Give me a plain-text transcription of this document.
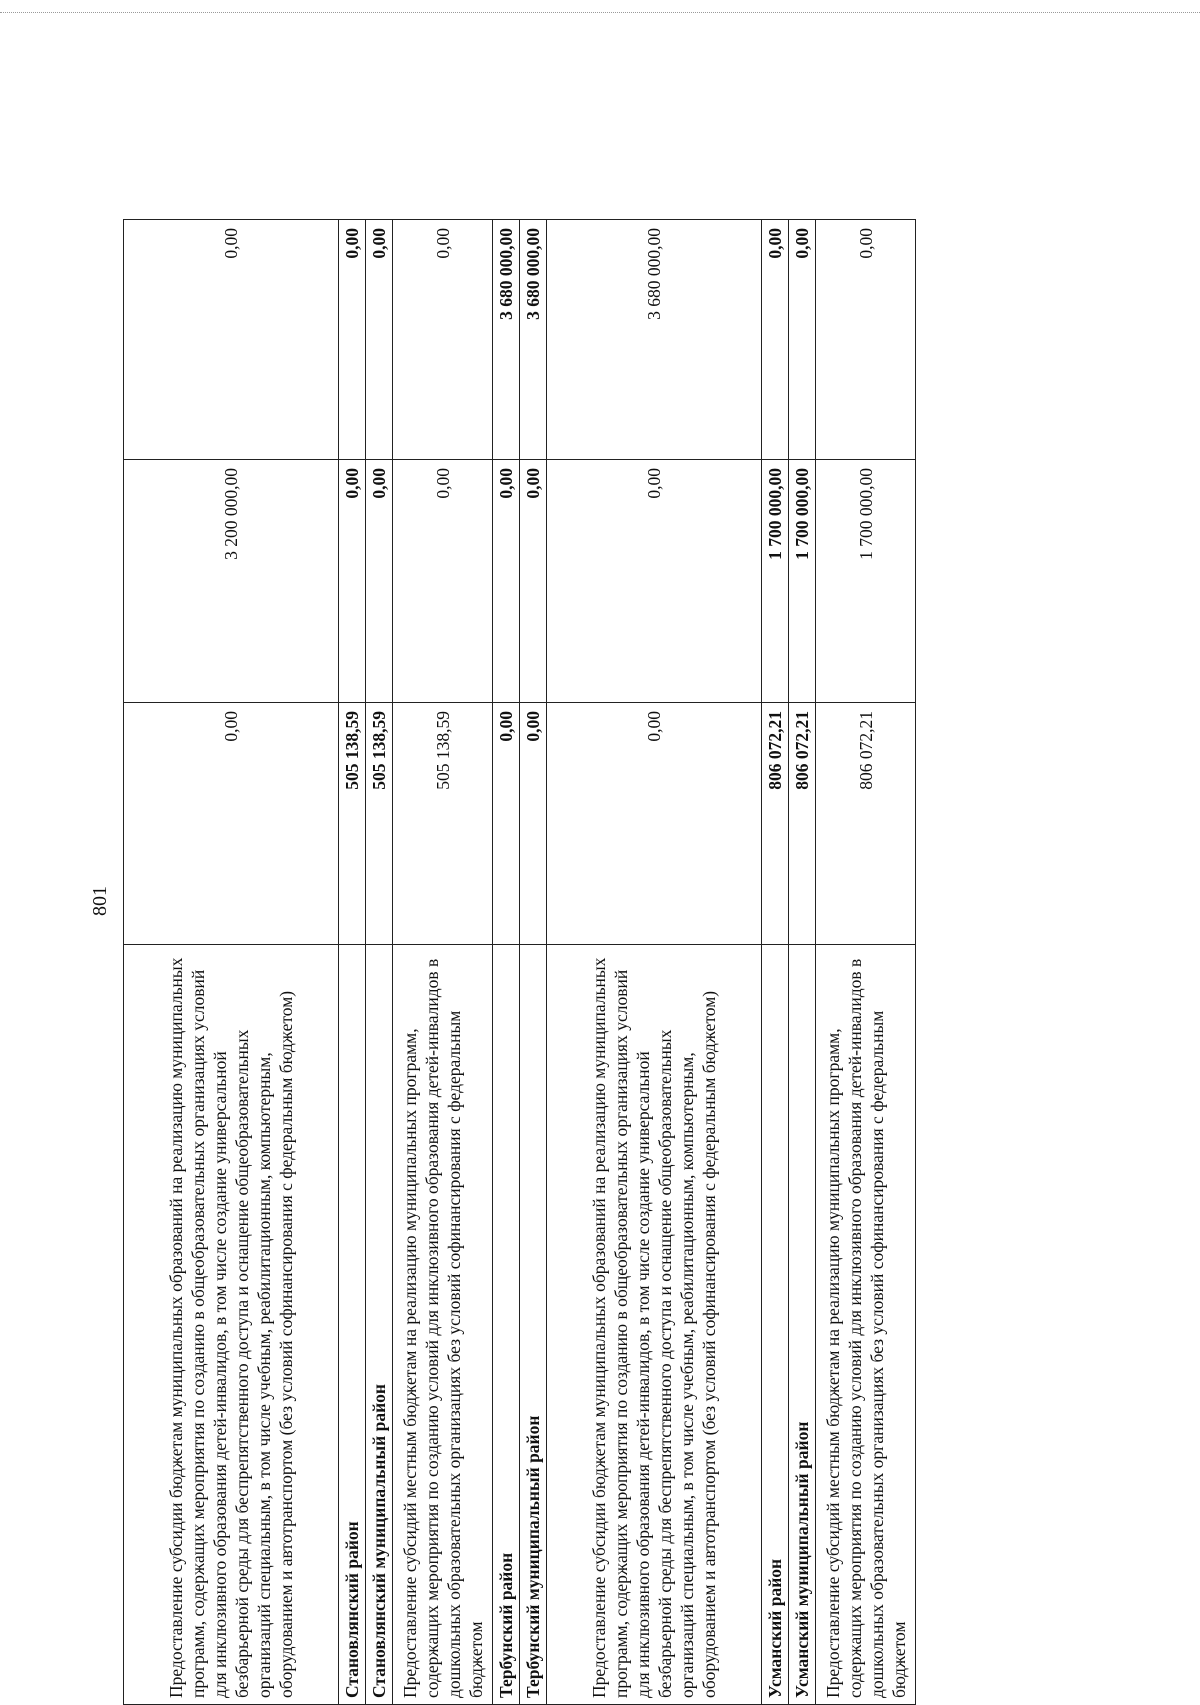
801
Предоставление субсидии бюджетам муниципальных образований на реализацию муниципальных программ, содержащих мероприятия по созданию в общеобразовательных организациях условий для инклюзивного образования детей-инвалидов, в том числе создание универсальной безбарьерной среды для беспрепятственного доступа и оснащение общеобразовательных организаций специальным, в том числе учебным, реабилитационным, компьютерным, оборудованием и автотранспортом (без условий софинансирования с федеральным бюджетом)	0,00	3 200 000,00	0,00
Становлянский район	505 138,59	0,00	0,00
Становлянский муниципальный район	505 138,59	0,00	0,00
Предоставление субсидий местным бюджетам на реализацию муниципальных программ, содержащих мероприятия по созданию условий для инклюзивного образования детей-инвалидов в дошкольных образовательных организациях без условий софинансирования с федеральным бюджетом	505 138,59	0,00	0,00
Тербунский район	0,00	0,00	3 680 000,00
Тербунский муниципальный район	0,00	0,00	3 680 000,00
Предоставление субсидии бюджетам муниципальных образований на реализацию муниципальных программ, содержащих мероприятия по созданию в общеобразовательных организациях условий для инклюзивного образования детей-инвалидов, в том числе создание универсальной безбарьерной среды для беспрепятственного доступа и оснащение общеобразовательных организаций специальным, в том числе учебным, реабилитационным, компьютерным, оборудованием и автотранспортом (без условий софинансирования с федеральным бюджетом)	0,00	0,00	3 680 000,00
Усманский район	806 072,21	1 700 000,00	0,00
Усманский муниципальный район	806 072,21	1 700 000,00	0,00
Предоставление субсидий местным бюджетам на реализацию муниципальных программ, содержащих мероприятия по созданию условий для инклюзивного образования детей-инвалидов в дошкольных образовательных организациях без условий софинансирования с федеральным бюджетом	806 072,21	1 700 000,00	0,00
